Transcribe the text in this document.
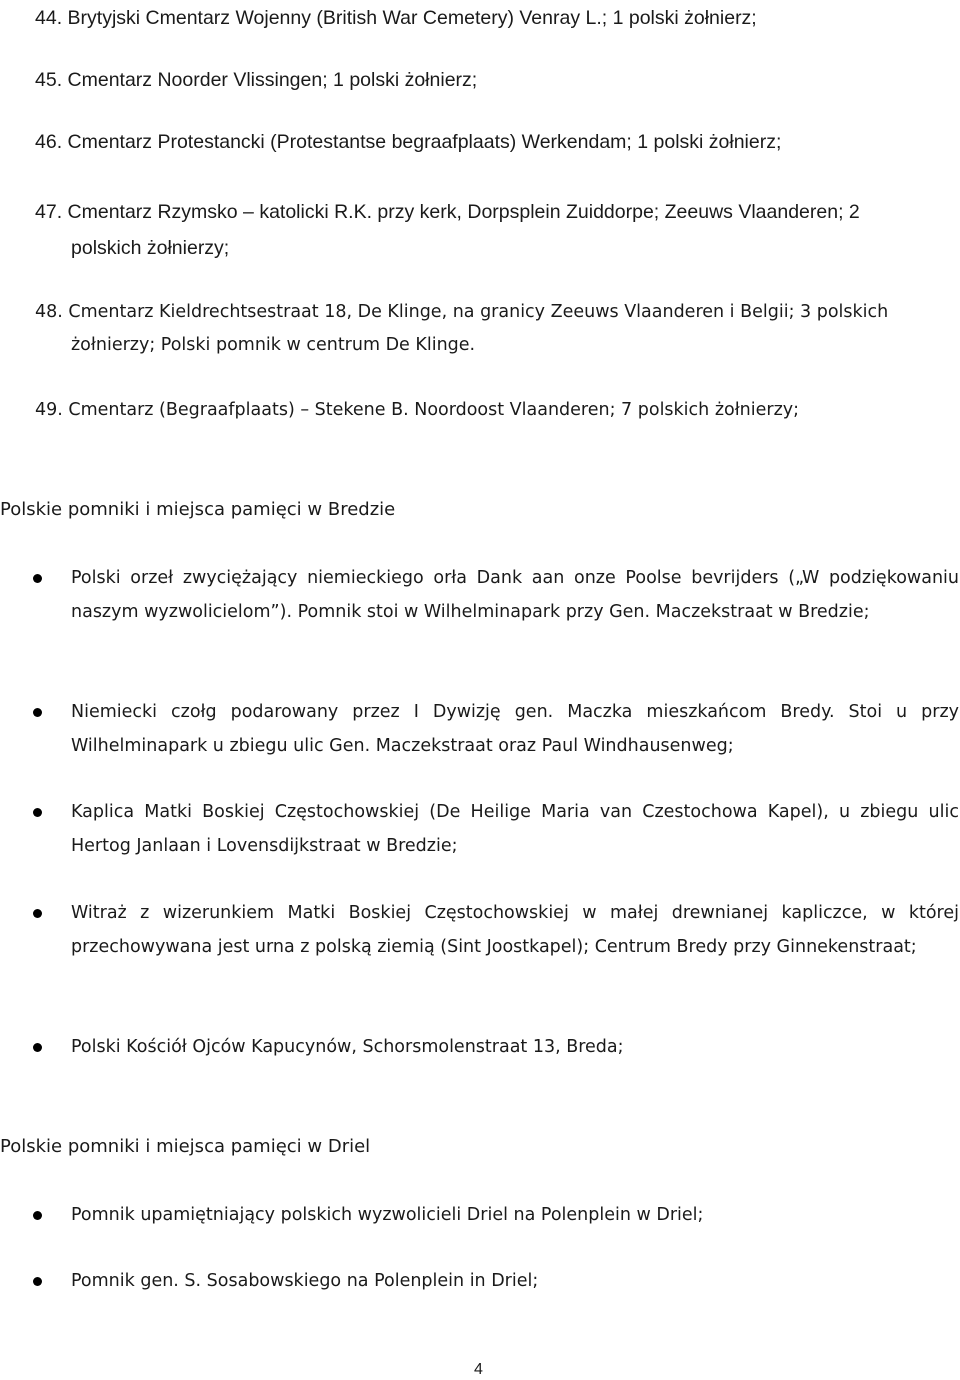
44. Brytyjski Cmentarz Wojenny (British War Cemetery) Venray L.; 1 polski żołnierz;
45. Cmentarz Noorder Vlissingen; 1 polski żołnierz;
46. Cmentarz Protestancki (Protestantse begraafplaats) Werkendam; 1 polski żołnierz;
47. Cmentarz Rzymsko – katolicki R.K. przy kerk, Dorpsplein Zuiddorpe; Zeeuws Vlaanderen; 2
polskich żołnierzy;
48. Cmentarz Kieldrechtsestraat 18, De Klinge, na granicy Zeeuws Vlaanderen i Belgii; 3 polskich
żołnierzy; Polski pomnik w centrum De Klinge.
49. Cmentarz (Begraafplaats) – Stekene B. Noordoost Vlaanderen; 7 polskich żołnierzy;
Polskie pomniki i miejsca pamięci w Bredzie
Polski orzeł zwyciężający niemieckiego orła Dank aan onze Poolse bevrijders („W podziękowaniu naszym wyzwolicielom”). Pomnik stoi w Wilhelminapark przy Gen. Maczekstraat w Bredzie;
Niemiecki czołg podarowany przez I Dywizję gen. Maczka mieszkańcom Bredy. Stoi u przy Wilhelminapark u zbiegu ulic Gen. Maczekstraat oraz Paul Windhausenweg;
Kaplica Matki Boskiej Częstochowskiej (De Heilige Maria van Czestochowa Kapel), u zbiegu ulic Hertog Janlaan i Lovensdijkstraat w Bredzie;
Witraż z wizerunkiem Matki Boskiej Częstochowskiej w małej drewnianej kapliczce, w której przechowywana jest urna z polską ziemią (Sint Joostkapel); Centrum Bredy przy Ginnekenstraat;
Polski Kościół Ojców Kapucynów, Schorsmolenstraat 13, Breda;
Polskie pomniki i miejsca pamięci w Driel
Pomnik upamiętniający polskich wyzwolicieli Driel na Polenplein w Driel;
Pomnik gen. S. Sosabowskiego na Polenplein in Driel;
4
